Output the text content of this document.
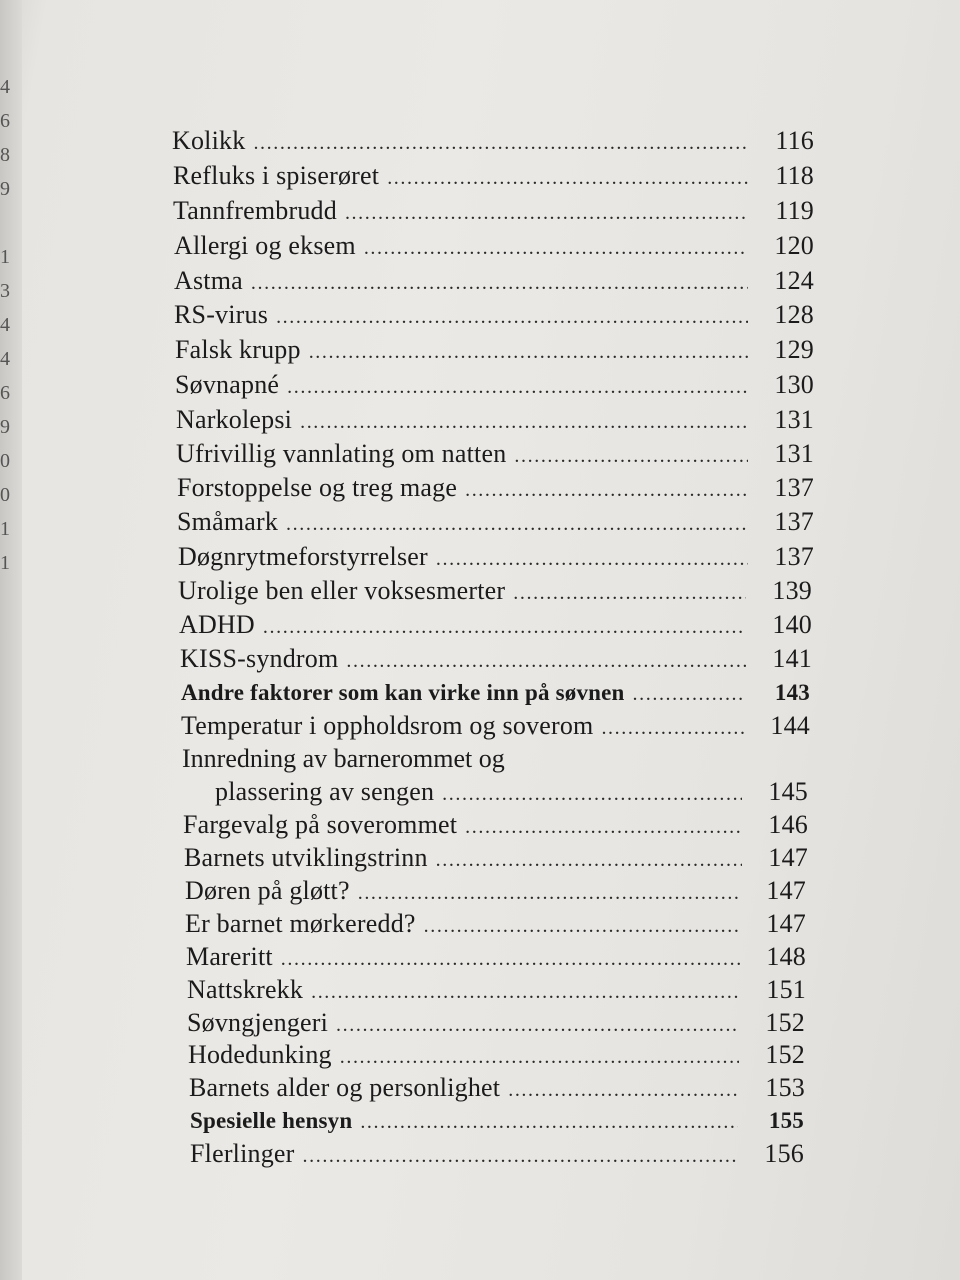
4
6
8
9
1
3
4
4
6
9
0
0
1
1
Kolikk .....	116
Refluks i spiserøret .....	118
Tannfrembrudd .....	119
Allergi og eksem .....	120
Astma .....	124
RS-virus .....	128
Falsk krupp .....	129
Søvnapné .....	130
Narkolepsi .....	131
Ufrivillig vannlating om natten .....	131
Forstoppelse og treg mage .....	137
Småmark .....	137
Døgnrytmeforstyrrelser .....	137
Urolige ben eller voksesmerter .....	139
ADHD .....	140
KISS-syndrom .....	141
Andre faktorer som kan virke inn på søvnen .....	143
Temperatur i oppholdsrom og soverom .....	144
Innredning av barnerommet og
plassering av sengen .....	145
Fargevalg på soverommet .....	146
Barnets utviklingstrinn .....	147
Døren på gløtt? .....	147
Er barnet mørkeredd? .....	147
Mareritt .....	148
Nattskrekk .....	151
Søvngjengeri .....	152
Hodedunking .....	152
Barnets alder og personlighet .....	153
Spesielle hensyn .....	155
Flerlinger .....	156
